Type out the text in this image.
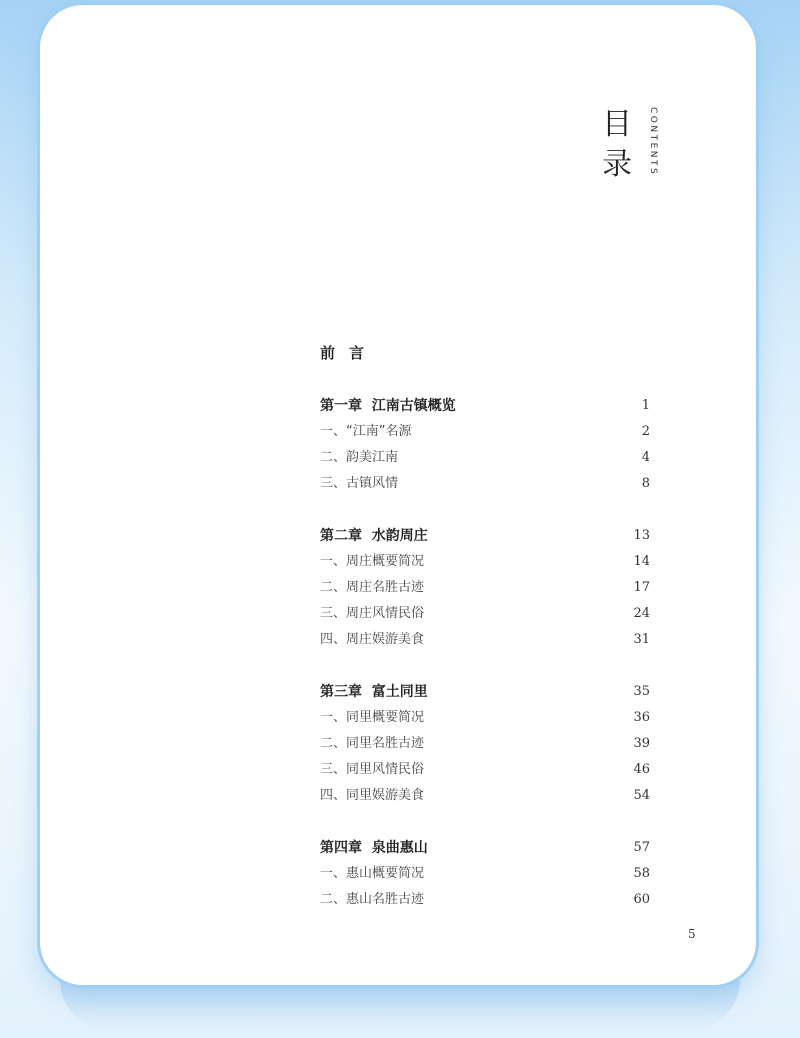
目
录 CONTENTS
前言
第一章  江南古镇概览	1
一、“江南”名源	2
二、韵美江南	4
三、古镇风情	8
第二章  水韵周庄	13
一、周庄概要简况	14
二、周庄名胜古迹	17
三、周庄风情民俗	24
四、周庄娱游美食	31
第三章  富土同里	35
一、同里概要简况	36
二、同里名胜古迹	39
三、同里风情民俗	46
四、同里娱游美食	54
第四章  泉曲惠山	57
一、惠山概要简况	58
二、惠山名胜古迹	60
5
